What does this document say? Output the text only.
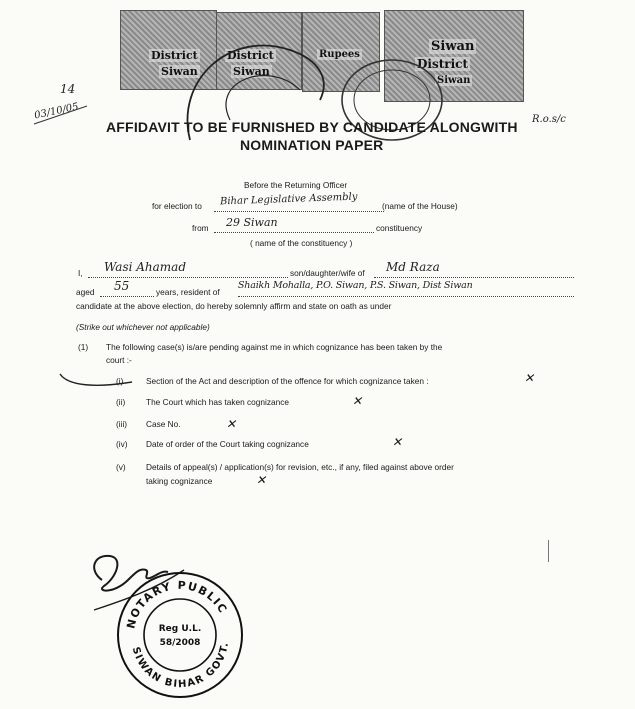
District
Siwan
District
Siwan
Rupees
Siwan
District
Siwan
14
03/10/05	R.o.s/c
AFFIDAVIT TO BE FURNISHED BY CANDIDATE ALONGWITH
NOMINATION PAPER
Before the Returning Officer
for election to Bihar Legislative Assembly	(name of the House)
from 29 Siwan	constituency
( name of the constituency )
I, Wasi Ahamad	son/daughter/wife of Md Raza
aged 55	years, resident of
Shaikh Mohalla, P.O. Siwan, P.S. Siwan, Dist Siwan
candidate at the above election, do hereby solemnly affirm and state on oath as under
(Strike out whichever not applicable)
(1) The following case(s) is/are pending against me in which cognizance has been taken by the
court :-
(i)	Section of the Act and description of the offence for which cognizance taken :	✕
(ii)	The Court which has taken cognizance	✕
(iii) Case No.	✕
(iv) Date of order of the Court taking cognizance	✕
(v) Details of appeal(s) / application(s) for revision, etc., if any, filed against above order
taking cognizance	✕
NOTARY PUBLIC
SIWAN BIHAR GOVT.
Reg U.L.
58/2008
